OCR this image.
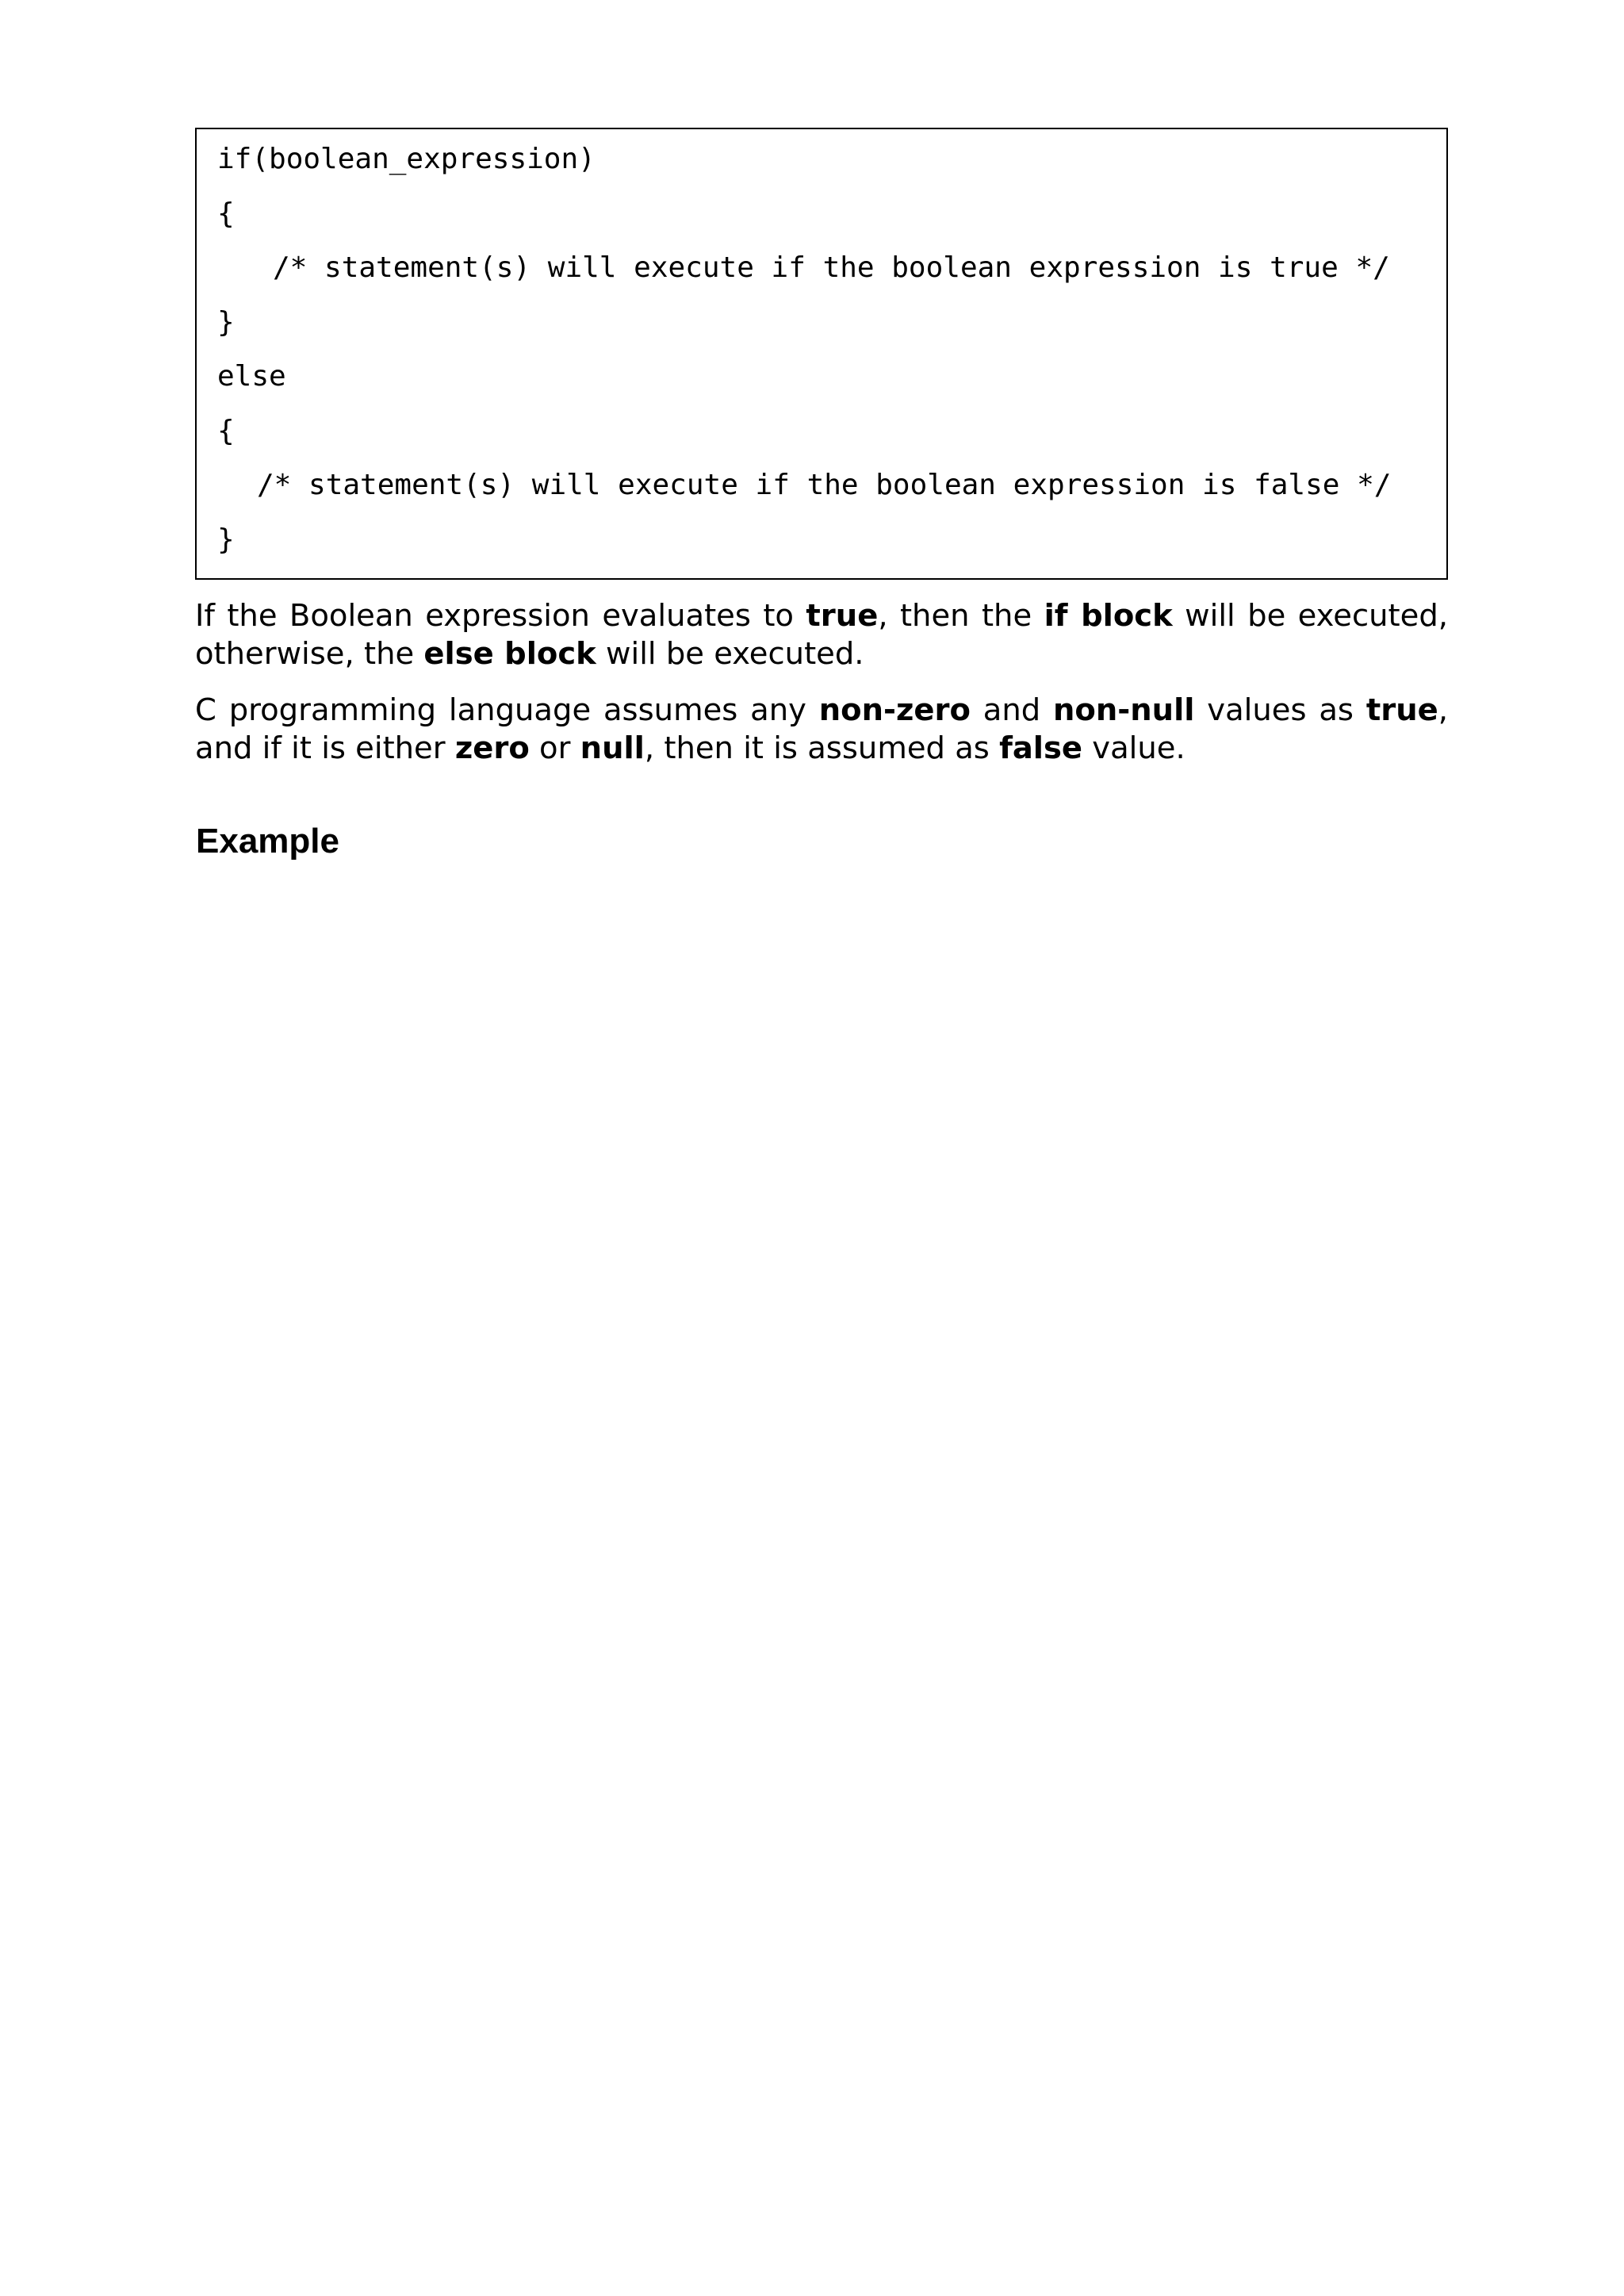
if(boolean_expression)
{
/* statement(s) will execute if the boolean expression is true */
}
else
{
/* statement(s) will execute if the boolean expression is false */
}

If the Boolean expression evaluates to true, then the if block will be executed, otherwise, the else block will be executed.

C programming language assumes any non-zero and non-null values as true, and if it is either zero or null, then it is assumed as false value.

Example
